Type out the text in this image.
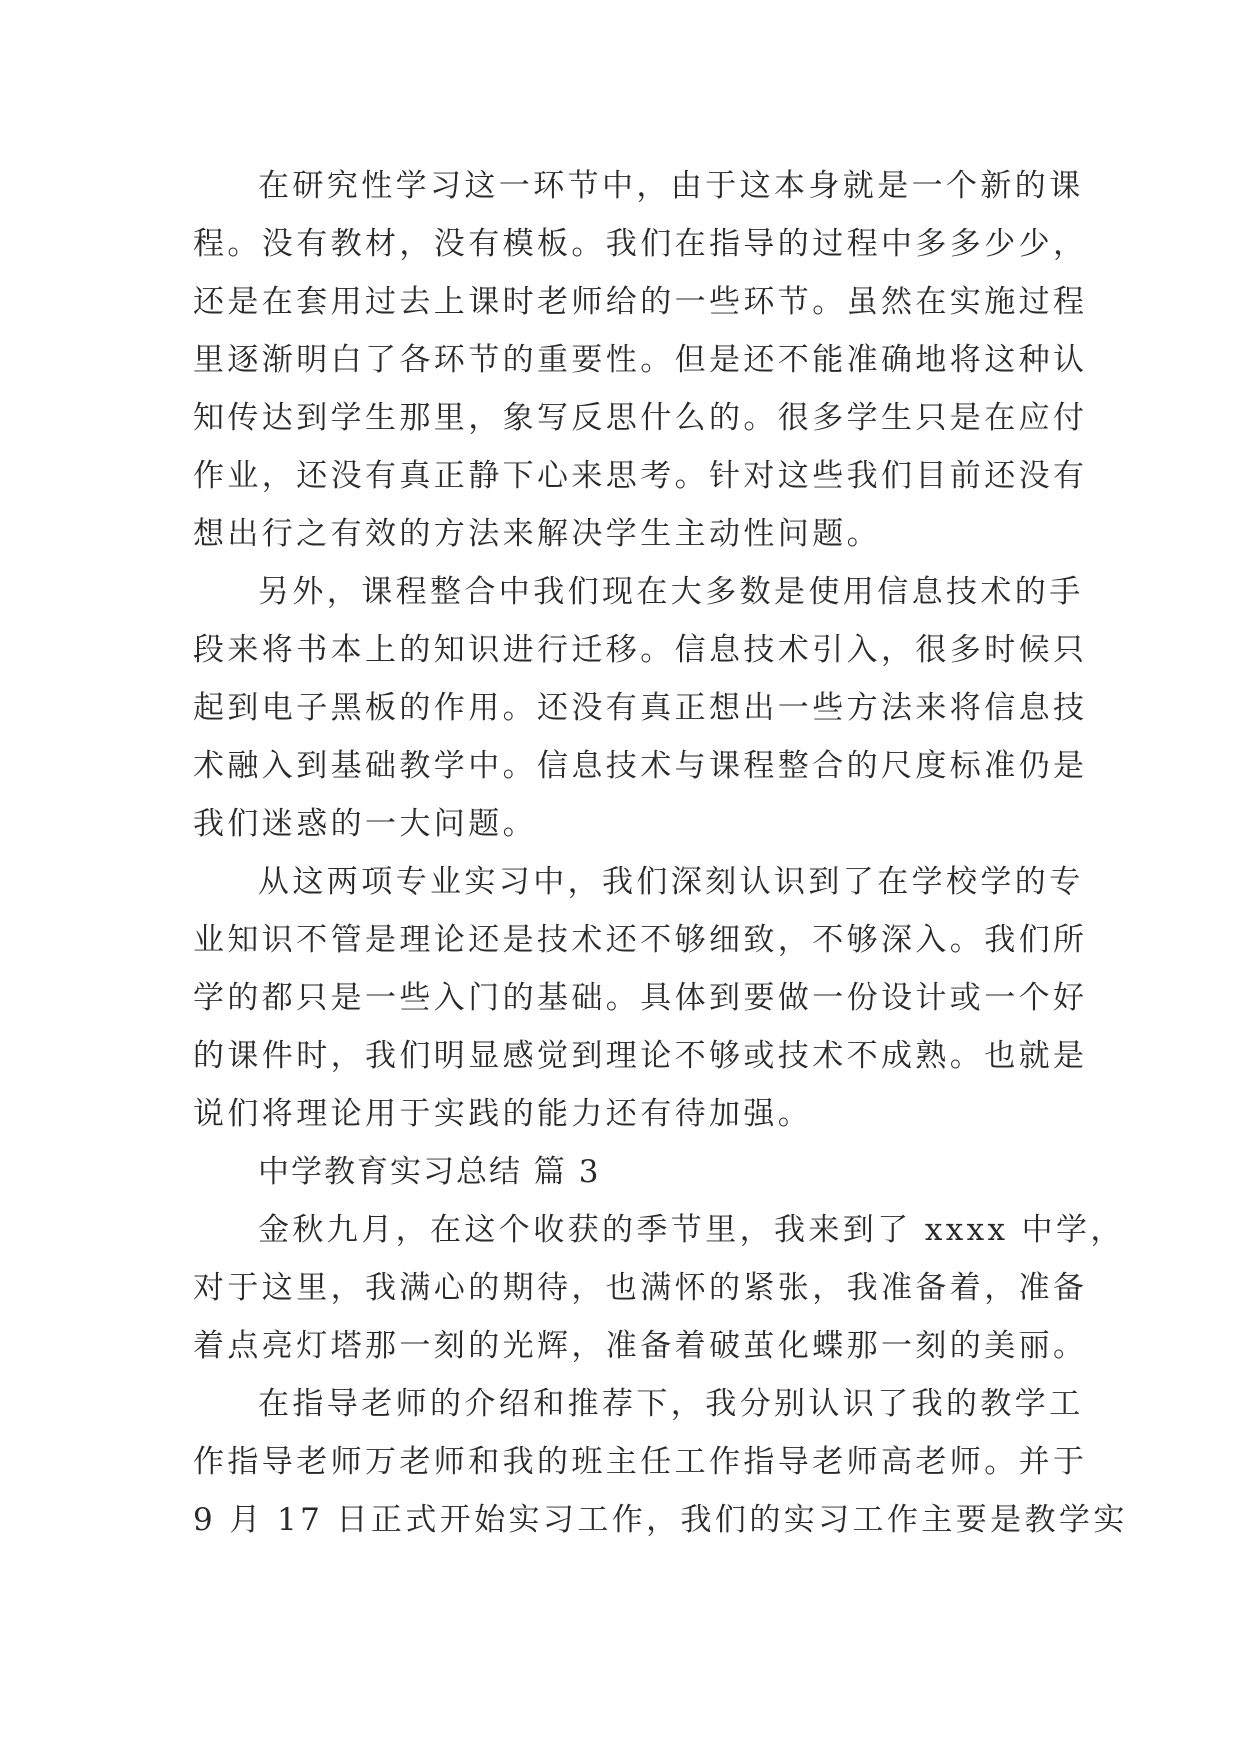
在研究性学习这一环节中，由于这本身就是一个新的课
程。没有教材，没有模板。我们在指导的过程中多多少少，
还是在套用过去上课时老师给的一些环节。虽然在实施过程
里逐渐明白了各环节的重要性。但是还不能准确地将这种认
知传达到学生那里，象写反思什么的。很多学生只是在应付
作业，还没有真正静下心来思考。针对这些我们目前还没有
想出行之有效的方法来解决学生主动性问题。
另外，课程整合中我们现在大多数是使用信息技术的手
段来将书本上的知识进行迁移。信息技术引入，很多时候只
起到电子黑板的作用。还没有真正想出一些方法来将信息技
术融入到基础教学中。信息技术与课程整合的尺度标准仍是
我们迷惑的一大问题。
从这两项专业实习中，我们深刻认识到了在学校学的专
业知识不管是理论还是技术还不够细致，不够深入。我们所
学的都只是一些入门的基础。具体到要做一份设计或一个好
的课件时，我们明显感觉到理论不够或技术不成熟。也就是
说们将理论用于实践的能力还有待加强。
中学教育实习总结 篇 3
金秋九月，在这个收获的季节里，我来到了 xxxx 中学，
对于这里，我满心的期待，也满怀的紧张，我准备着，准备
着点亮灯塔那一刻的光辉，准备着破茧化蝶那一刻的美丽。
在指导老师的介绍和推荐下，我分别认识了我的教学工
作指导老师万老师和我的班主任工作指导老师高老师。并于
9 月 17 日正式开始实习工作，我们的实习工作主要是教学实
